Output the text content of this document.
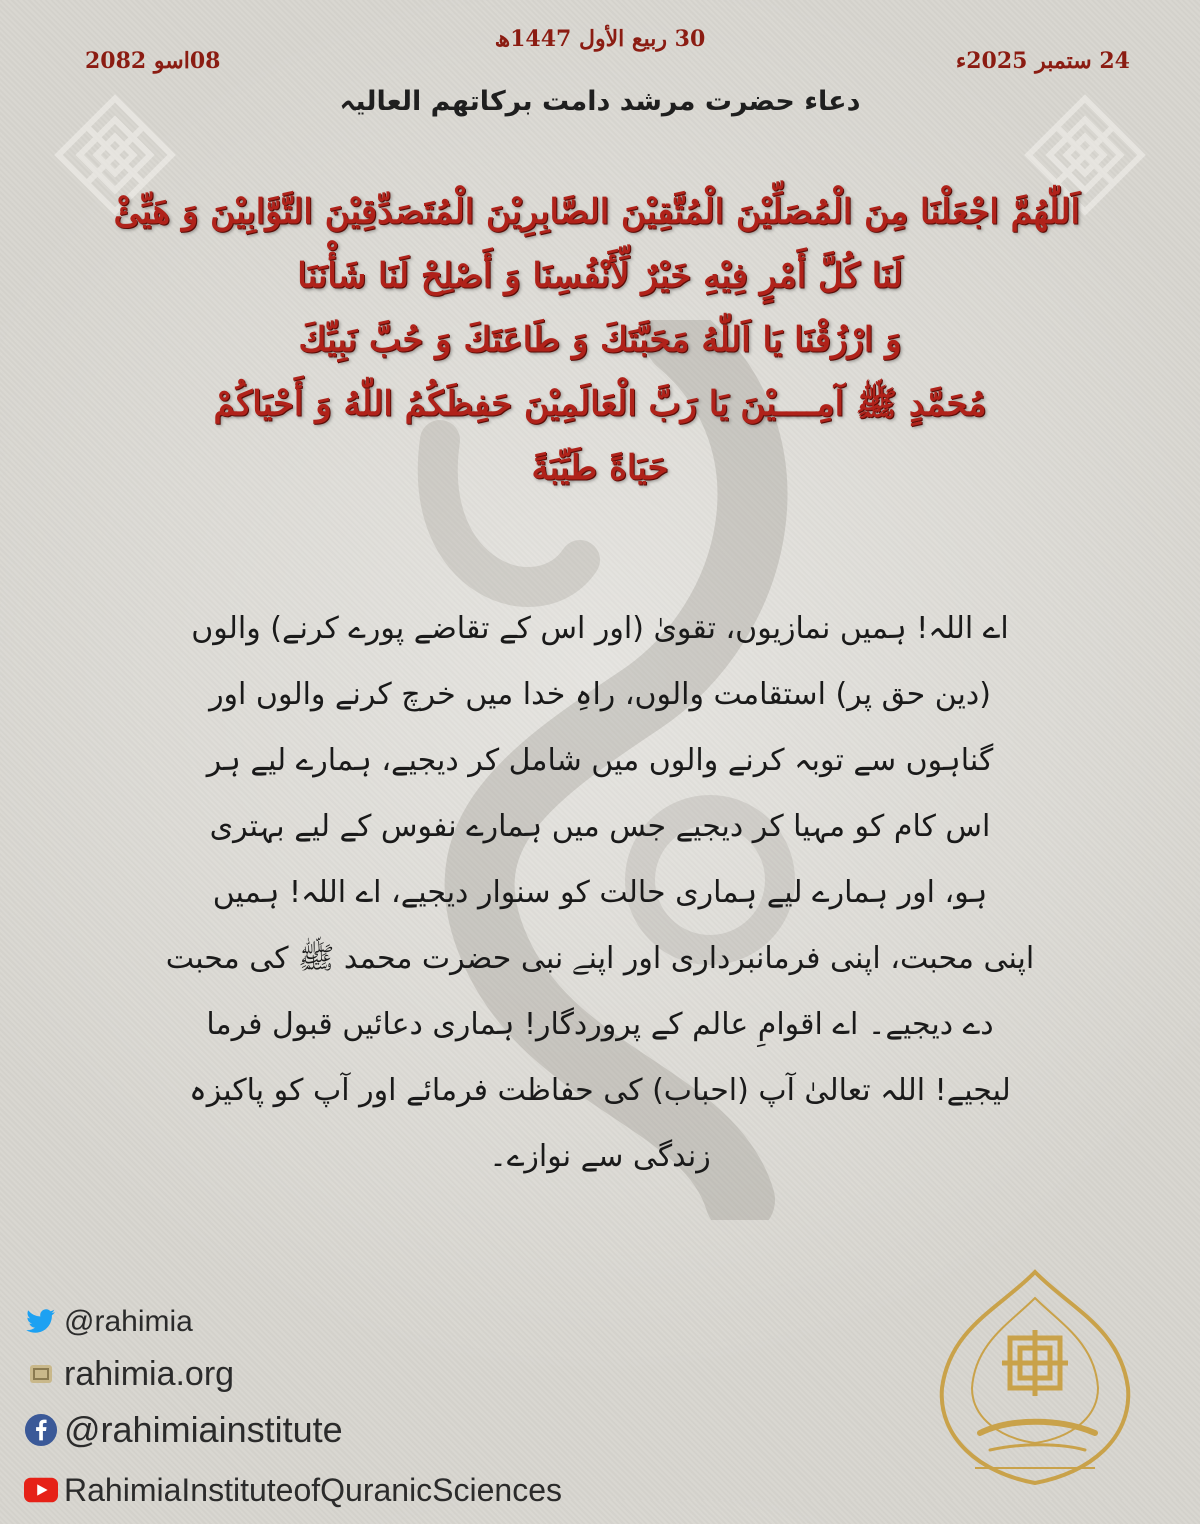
30 ربیع الأول 1447ھ
24 ستمبر 2025ء
08اسو 2082
دعاء حضرت مرشد دامت برکاتھم العالیہ
اَللّٰهُمَّ اجْعَلْنَا مِنَ الْمُصَلِّيْنَ الْمُتَّقِيْنَ الصَّابِرِيْنَ الْمُتَصَدِّقِيْنَ التَّوَّابِيْنَ وَ هَيِّئْ
لَنَا كُلَّ أَمْرٍ فِيْهِ خَيْرٌ لِّأَنْفُسِنَا وَ أَصْلِحْ لَنَا شَأْنَنَا
وَ ارْزُقْنَا يَا اَللّٰهُ مَحَبَّتَكَ وَ طَاعَتَكَ وَ حُبَّ نَبِيِّكَ
مُحَمَّدٍ ﷺ آمِــــيْنَ يَا رَبَّ الْعَالَمِيْنَ حَفِظَكُمُ اللّٰهُ وَ أَحْيَاكُمْ
حَيَاةً طَيِّبَةً
اے اللہ! ہمیں نمازیوں، تقویٰ (اور اس کے تقاضے پورے کرنے) والوں
(دین حق پر) استقامت والوں، راہِ خدا میں خرچ کرنے والوں اور
گناہوں سے توبہ کرنے والوں میں شامل کر دیجیے، ہمارے لیے ہر
اس کام کو مہیا کر دیجیے جس میں ہمارے نفوس کے لیے بہتری
ہو، اور ہمارے لیے ہماری حالت کو سنوار دیجیے، اے اللہ! ہمیں
اپنی محبت، اپنی فرمانبرداری اور اپنے نبی حضرت محمد ﷺ کی محبت
دے دیجیے۔ اے اقوامِ عالم کے پروردگار! ہماری دعائیں قبول فرما
لیجیے! اللہ تعالیٰ آپ (احباب) کی حفاظت فرمائے اور آپ کو پاکیزہ
زندگی سے نوازے۔
@rahimia
rahimia.org
@rahimiainstitute
RahimiaInstituteofQuranicSciences
